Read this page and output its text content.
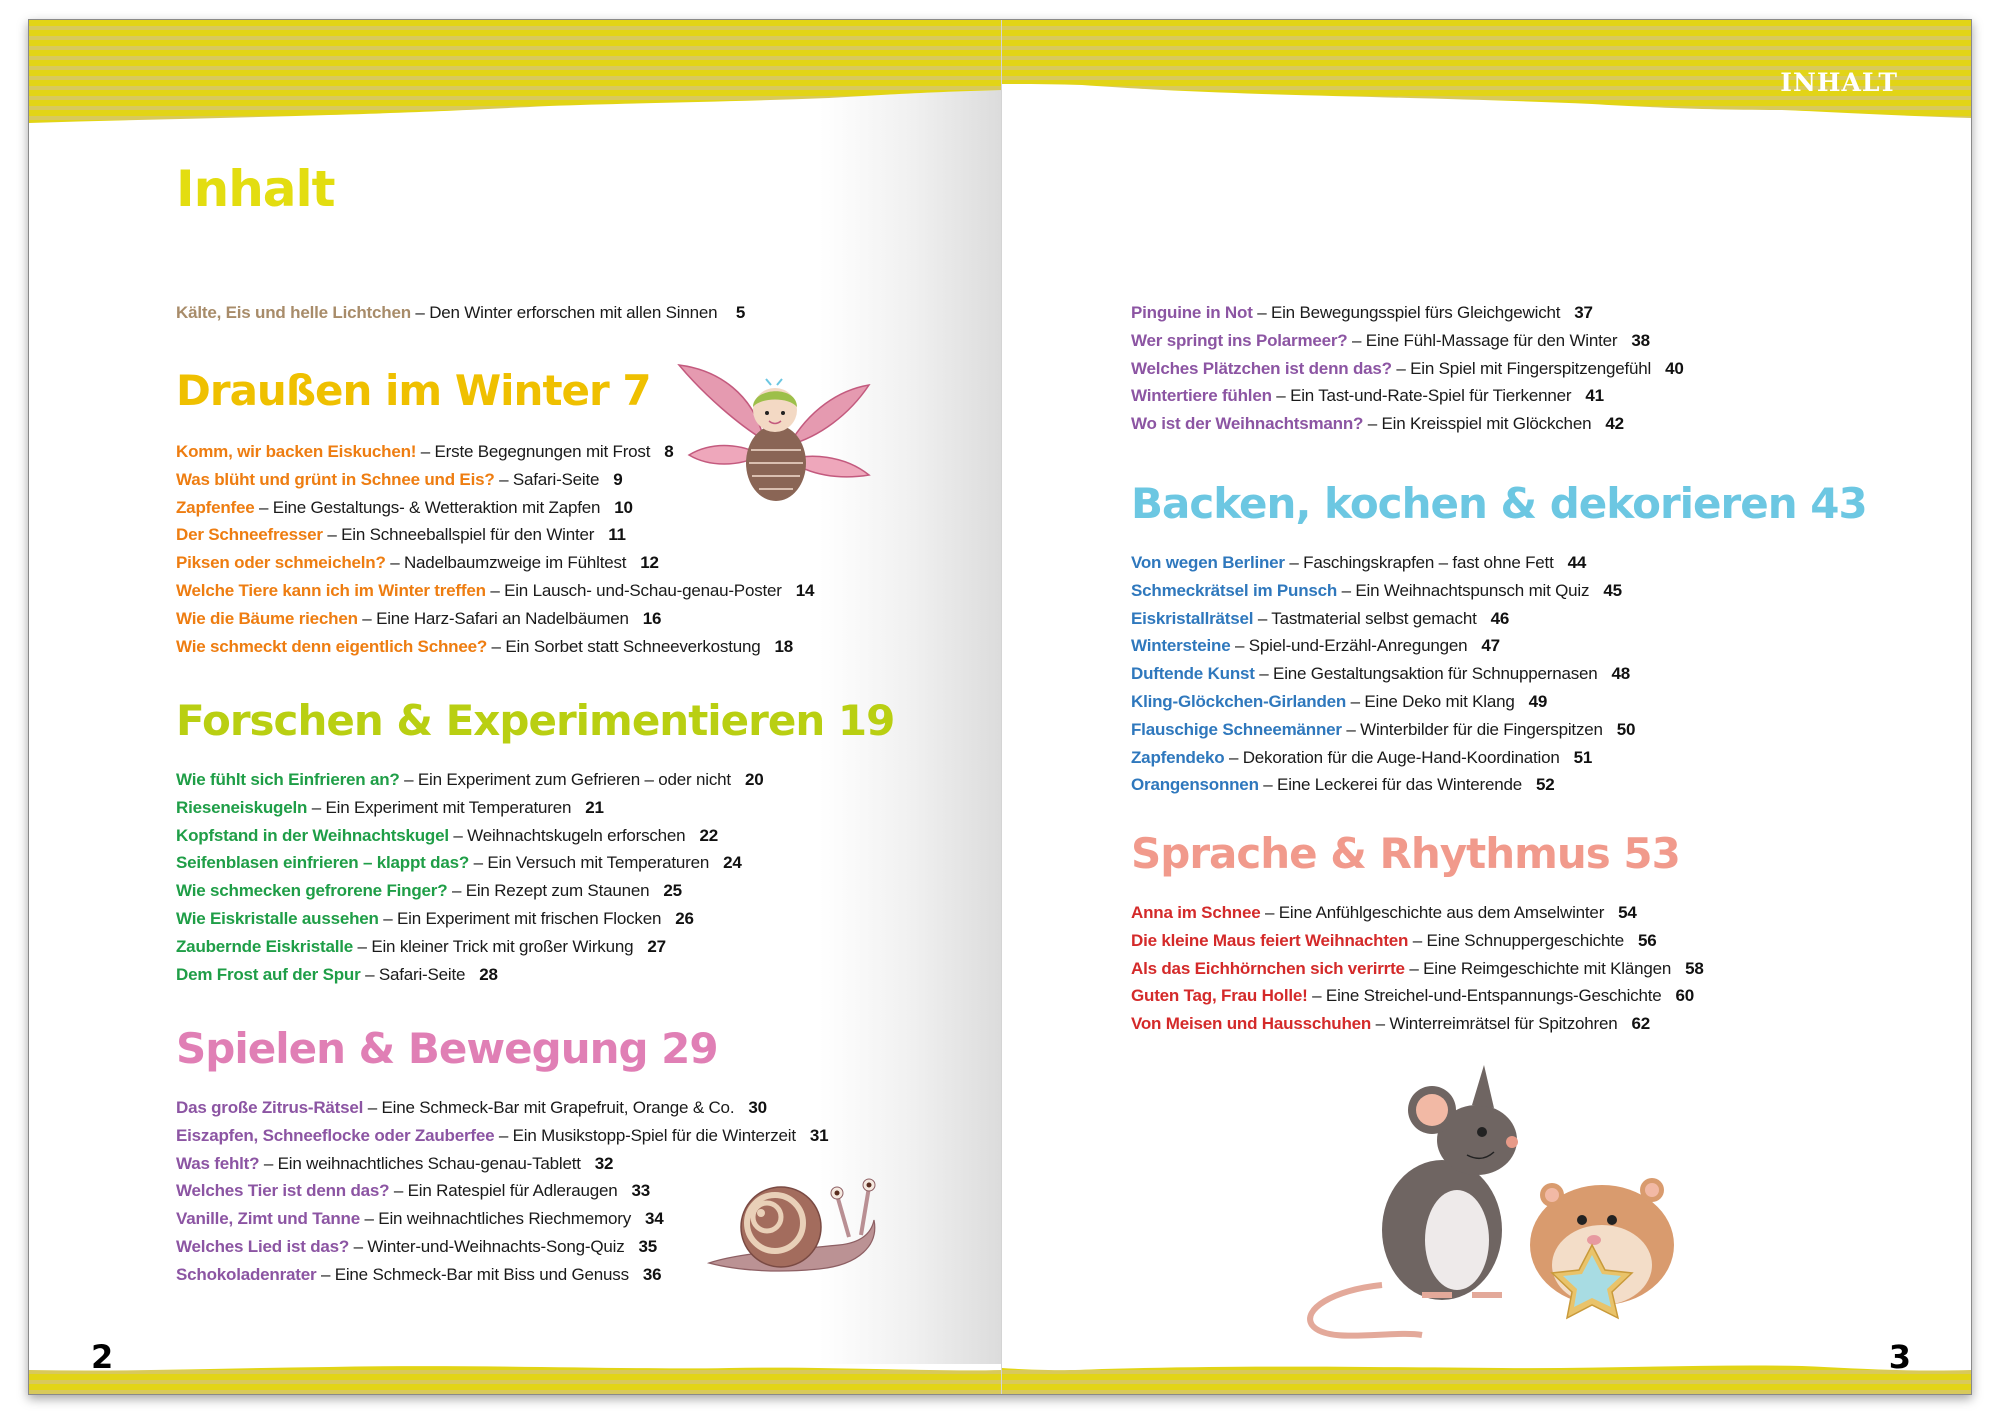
Inhalt
Kälte, Eis und helle Lichtchen – Den Winter erforschen mit allen Sinnen 5
Draußen im Winter 7
Komm, wir backen Eiskuchen! – Erste Begegnungen mit Frost 8
Was blüht und grünt in Schnee und Eis? – Safari-Seite 9
Zapfenfee – Eine Gestaltungs- & Wetteraktion mit Zapfen 10
Der Schneefresser – Ein Schneeballspiel für den Winter 11
Piksen oder schmeicheln? – Nadelbaumzweige im Fühltest 12
Welche Tiere kann ich im Winter treffen – Ein Lausch- und-Schau-genau-Poster 14
Wie die Bäume riechen – Eine Harz-Safari an Nadelbäumen 16
Wie schmeckt denn eigentlich Schnee? – Ein Sorbet statt Schneeverkostung 18
Forschen & Experimentieren 19
Wie fühlt sich Einfrieren an? – Ein Experiment zum Gefrieren – oder nicht 20
Rieseneiskugeln – Ein Experiment mit Temperaturen 21
Kopfstand in der Weihnachtskugel – Weihnachtskugeln erforschen 22
Seifenblasen einfrieren – klappt das? – Ein Versuch mit Temperaturen 24
Wie schmecken gefrorene Finger? – Ein Rezept zum Staunen 25
Wie Eiskristalle aussehen – Ein Experiment mit frischen Flocken 26
Zaubernde Eiskristalle – Ein kleiner Trick mit großer Wirkung 27
Dem Frost auf der Spur – Safari-Seite 28
Spielen & Bewegung 29
Das große Zitrus-Rätsel – Eine Schmeck-Bar mit Grapefruit, Orange & Co. 30
Eiszapfen, Schneeflocke oder Zauberfee – Ein Musikstopp-Spiel für die Winterzeit 31
Was fehlt? – Ein weihnachtliches Schau-genau-Tablett 32
Welches Tier ist denn das? – Ein Ratespiel für Adleraugen 33
Vanille, Zimt und Tanne – Ein weihnachtliches Riechmemory 34
Welches Lied ist das? – Winter-und-Weihnachts-Song-Quiz 35
Schokoladenrater – Eine Schmeck-Bar mit Biss und Genuss 36
2
INHALT
Pinguine in Not – Ein Bewegungsspiel fürs Gleichgewicht 37
Wer springt ins Polarmeer? – Eine Fühl-Massage für den Winter 38
Welches Plätzchen ist denn das? – Ein Spiel mit Fingerspitzengefühl 40
Wintertiere fühlen – Ein Tast-und-Rate-Spiel für Tierkenner 41
Wo ist der Weihnachtsmann? – Ein Kreisspiel mit Glöckchen 42
Backen, kochen & dekorieren 43
Von wegen Berliner – Faschingskrapfen – fast ohne Fett 44
Schmeckrätsel im Punsch – Ein Weihnachtspunsch mit Quiz 45
Eiskristallrätsel – Tastmaterial selbst gemacht 46
Wintersteine – Spiel-und-Erzähl-Anregungen 47
Duftende Kunst – Eine Gestaltungsaktion für Schnuppernasen 48
Kling-Glöckchen-Girlanden – Eine Deko mit Klang 49
Flauschige Schneemänner – Winterbilder für die Fingerspitzen 50
Zapfendeko – Dekoration für die Auge-Hand-Koordination 51
Orangensonnen – Eine Leckerei für das Winterende 52
Sprache & Rhythmus 53
Anna im Schnee – Eine Anfühlgeschichte aus dem Amselwinter 54
Die kleine Maus feiert Weihnachten – Eine Schnuppergeschichte 56
Als das Eichhörnchen sich verirrte – Eine Reimgeschichte mit Klängen 58
Guten Tag, Frau Holle! – Eine Streichel-und-Entspannungs-Geschichte 60
Von Meisen und Hausschuhen – Winterreimrätsel für Spitzohren 62
3
